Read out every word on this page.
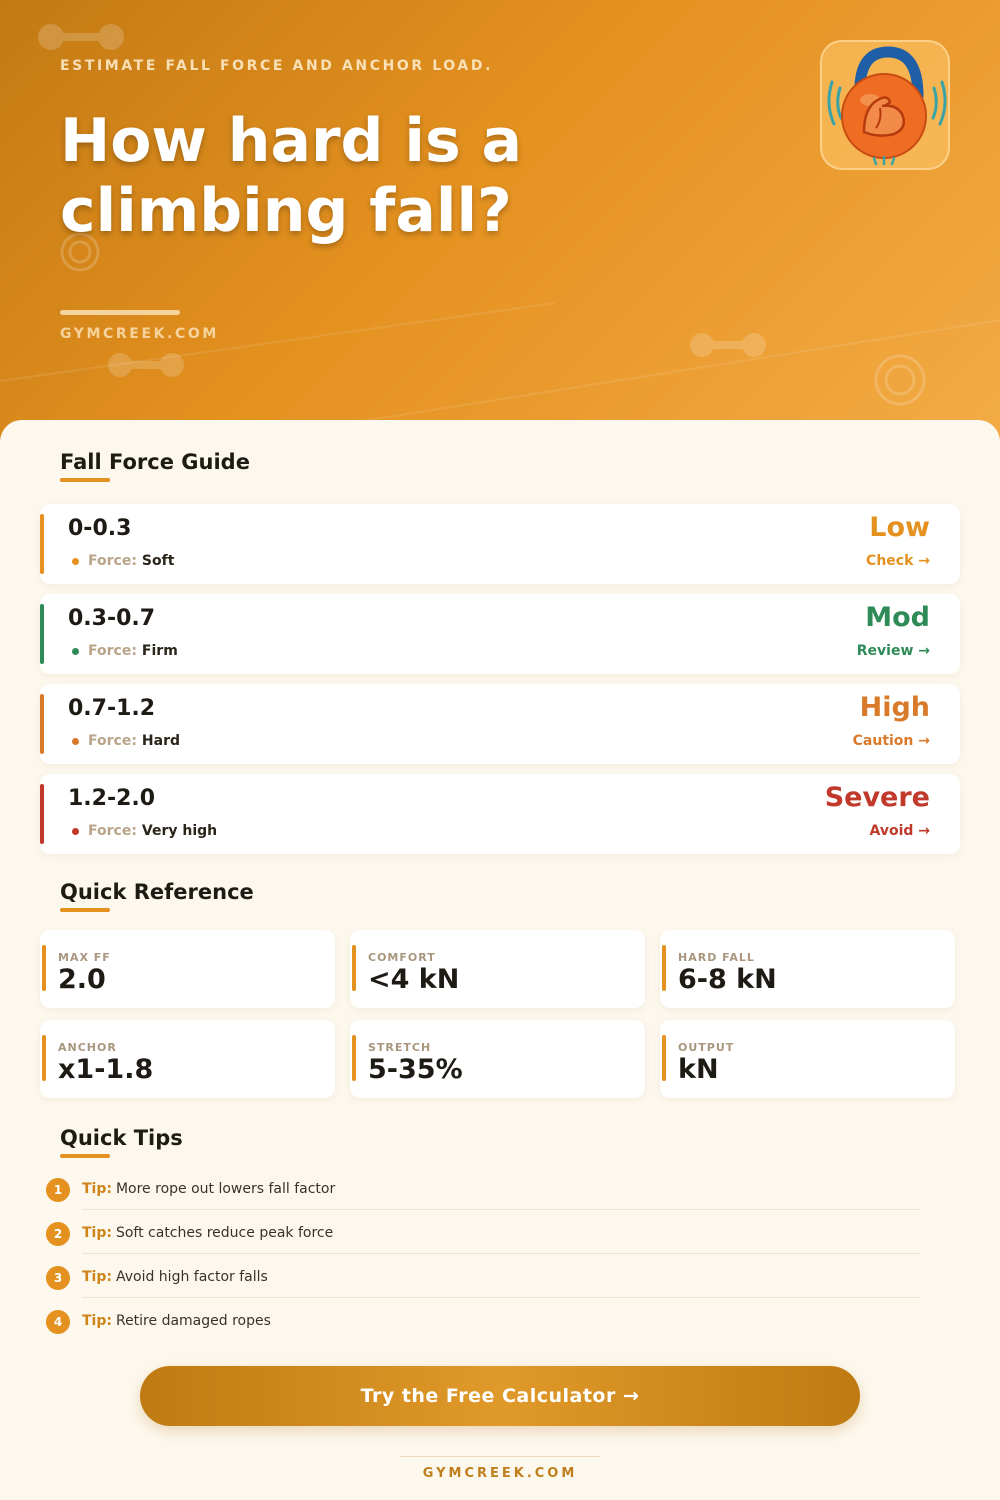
ESTIMATE FALL FORCE AND ANCHOR LOAD.
How hard is a climbing fall?
GYMCREEK.COM
Fall Force Guide
0-0.3
Force: Soft
Low
Check →
0.3-0.7
Force: Firm
Mod
Review →
0.7-1.2
Force: Hard
High
Caution →
1.2-2.0
Force: Very high
Severe
Avoid →
Quick Reference
MAX FF
2.0
COMFORT
<4 kN
HARD FALL
6-8 kN
ANCHOR
x1-1.8
STRETCH
5-35%
OUTPUT
kN
Quick Tips
1	Tip: More rope out lowers fall factor
2	Tip: Soft catches reduce peak force
3	Tip: Avoid high factor falls
4	Tip: Retire damaged ropes
Try the Free Calculator →
GYMCREEK.COM
